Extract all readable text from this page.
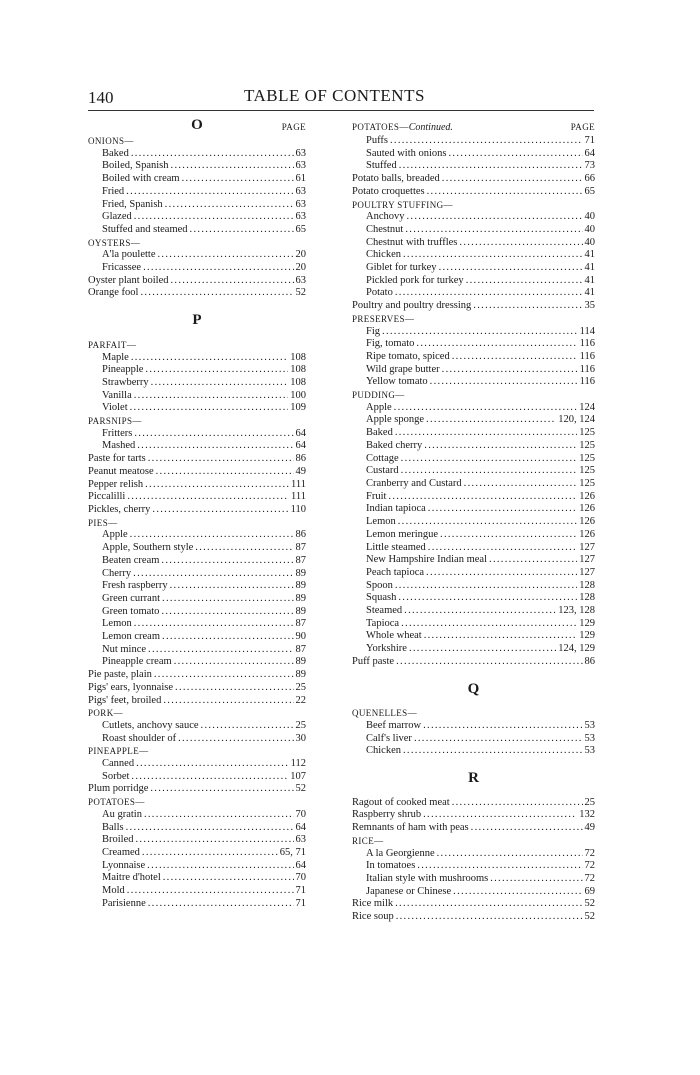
140	TABLE OF CONTENTS
O	PAGE
ONIONS—
Baked .....	63
Boiled, Spanish .....	63
Boiled with cream .....	61
Fried .....	63
Fried, Spanish .....	63
Glazed .....	63
Stuffed and steamed .....	65
OYSTERS—
A'la poulette .....	20
Fricassee .....	20
Oyster plant boiled .....	63
Orange fool .....	52
P
PARFAIT—
Maple .....	108
Pineapple .....	108
Strawberry .....	108
Vanilla .....	100
Violet .....	109
PARSNIPS—
Fritters .....	64
Mashed .....	64
Paste for tarts .....	86
Peanut meatose .....	49
Pepper relish .....	111
Piccalilli .....	111
Pickles, cherry .....	110
PIES—
Apple .....	86
Apple, Southern style .....	87
Beaten cream .....	87
Cherry .....	89
Fresh raspberry .....	89
Green currant .....	89
Green tomato .....	89
Lemon .....	87
Lemon cream .....	90
Nut mince .....	87
Pineapple cream .....	89
Pie paste, plain .....	89
Pigs' ears, lyonnaise .....	25
Pigs' feet, broiled .....	22
PORK—
Cutlets, anchovy sauce .....	25
Roast shoulder of .....	30
PINEAPPLE—
Canned .....	112
Sorbet .....	107
Plum porridge .....	52
POTATOES—
Au gratin .....	70
Balls .....	64
Broiled .....	63
Creamed .....	65, 71
Lyonnaise .....	64
Maitre d'hotel .....	70
Mold .....	71
Parisienne .....	71
POTATOES—Continued.	PAGE
Puffs .....	71
Sauted with onions .....	64
Stuffed .....	73
Potato balls, breaded .....	66
Potato croquettes .....	65
POULTRY STUFFING—
Anchovy .....	40
Chestnut .....	40
Chestnut with truffles .....	40
Chicken .....	41
Giblet for turkey .....	41
Pickled pork for turkey .....	41
Potato .....	41
Poultry and poultry dressing .....	35
PRESERVES—
Fig .....	114
Fig, tomato .....	116
Ripe tomato, spiced .....	116
Wild grape butter .....	116
Yellow tomato .....	116
PUDDING—
Apple .....	124
Apple sponge .....	120, 124
Baked .....	125
Baked cherry .....	125
Cottage .....	125
Custard .....	125
Cranberry and Custard .....	125
Fruit .....	126
Indian tapioca .....	126
Lemon .....	126
Lemon meringue .....	126
Little steamed .....	127
New Hampshire Indian meal .....	127
Peach tapioca .....	127
Spoon .....	128
Squash .....	128
Steamed .....	123, 128
Tapioca .....	129
Whole wheat .....	129
Yorkshire .....	124, 129
Puff paste .....	86
Q
QUENELLES—
Beef marrow .....	53
Calf's liver .....	53
Chicken .....	53
R
Ragout of cooked meat .....	25
Raspberry shrub .....	132
Remnants of ham with peas .....	49
RICE—
A la Georgienne .....	72
In tomatoes .....	72
Italian style with mushrooms .....	72
Japanese or Chinese .....	69
Rice milk .....	52
Rice soup .....	52
